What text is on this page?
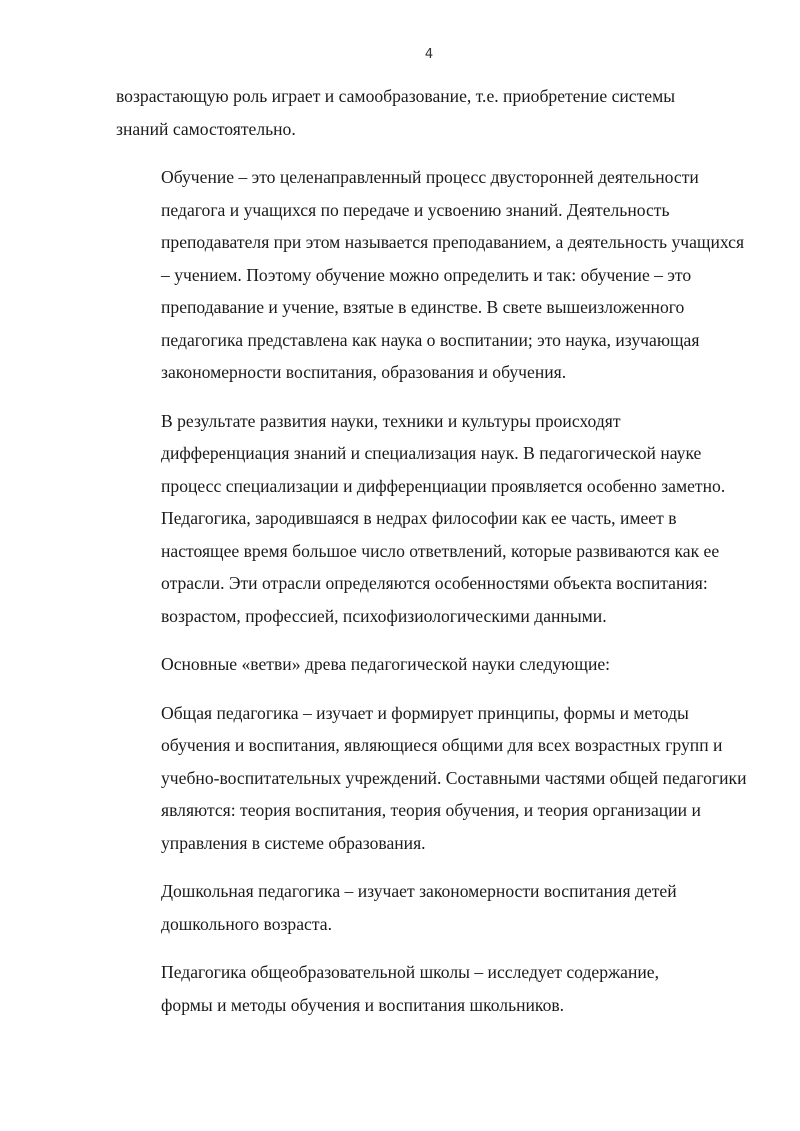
4

возрастающую роль играет и самообразование, т.е. приобретение системы
знаний самостоятельно.

Обучение – это целенаправленный процесс двусторонней деятельности
педагога и учащихся по передаче и усвоению знаний. Деятельность
преподавателя при этом называется преподаванием, а деятельность учащихся
– учением. Поэтому обучение можно определить и так: обучение – это
преподавание и учение, взятые в единстве. В свете вышеизложенного
педагогика представлена как наука о воспитании; это наука, изучающая
закономерности воспитания, образования и обучения.

В результате развития науки, техники и культуры происходят
дифференциация знаний и специализация наук. В педагогической науке
процесс специализации и дифференциации проявляется особенно заметно.
Педагогика, зародившаяся в недрах философии как ее часть, имеет в
настоящее время большое число ответвлений, которые развиваются как ее
отрасли. Эти отрасли определяются особенностями объекта воспитания:
возрастом, профессией, психофизиологическими данными.

Основные «ветви» древа педагогической науки следующие:

Общая педагогика – изучает и формирует принципы, формы и методы
обучения и воспитания, являющиеся общими для всех возрастных групп и
учебно-воспитательных учреждений. Составными частями общей педагогики
являются: теория воспитания, теория обучения, и теория организации и
управления в системе образования.

Дошкольная педагогика – изучает закономерности воспитания детей
дошкольного возраста.

Педагогика общеобразовательной школы – исследует содержание,
формы и методы обучения и воспитания школьников.
